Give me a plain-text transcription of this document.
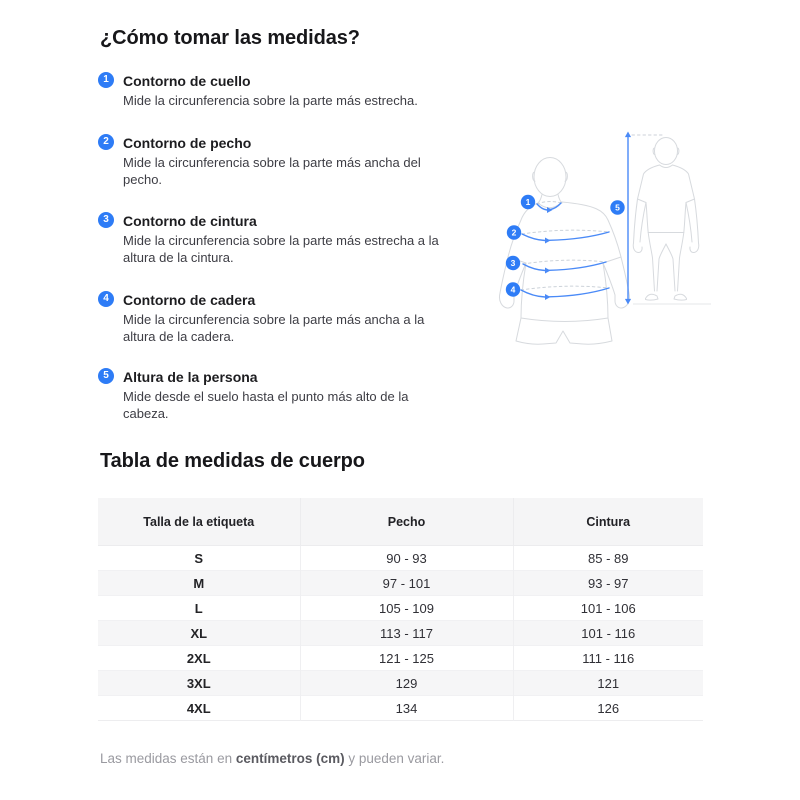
¿Cómo tomar las medidas?
1	Contorno de cuello

Mide la circunferencia sobre la parte más estrecha.

2	Contorno de pecho

Mide la circunferencia sobre la parte más ancha del pecho.

3	Contorno de cintura

Mide la circunferencia sobre la parte más estrecha a la altura de la cintura.

4	Contorno de cadera

Mide la circunferencia sobre la parte más ancha a la altura de la cadera.

5	Altura de la persona

Mide desde el suelo hasta el punto más alto de la cabeza.

1
2
3
4
5
Tabla de medidas de cuerpo
Talla de la etiqueta	Pecho	Cintura
S	90 - 93	85 - 89
M	97 - 101	93 - 97
L	105 - 109	101 - 106
XL	113 - 117	101 - 116
2XL	121 - 125	111 - 116
3XL	129	121
4XL	134	126

Las medidas están en centímetros (cm) y pueden variar.
